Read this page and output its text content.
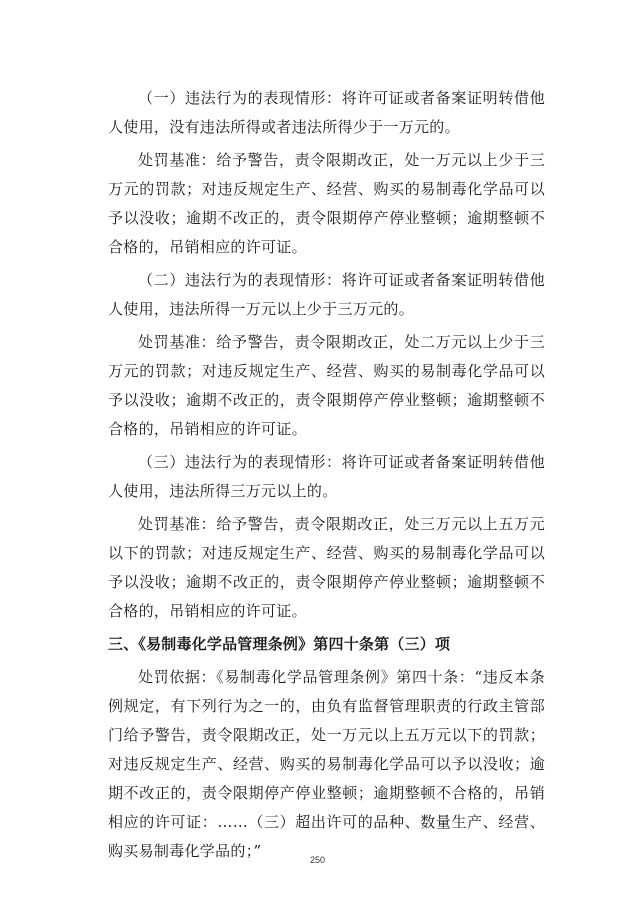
（一）违法行为的表现情形：将许可证或者备案证明转借他人使用，没有违法所得或者违法所得少于一万元的。

处罚基准：给予警告，责令限期改正，处一万元以上少于三万元的罚款；对违反规定生产、经营、购买的易制毒化学品可以予以没收；逾期不改正的，责令限期停产停业整顿；逾期整顿不合格的，吊销相应的许可证。

（二）违法行为的表现情形：将许可证或者备案证明转借他人使用，违法所得一万元以上少于三万元的。

处罚基准：给予警告，责令限期改正，处二万元以上少于三万元的罚款；对违反规定生产、经营、购买的易制毒化学品可以予以没收；逾期不改正的，责令限期停产停业整顿；逾期整顿不合格的，吊销相应的许可证。

（三）违法行为的表现情形：将许可证或者备案证明转借他人使用，违法所得三万元以上的。

处罚基准：给予警告，责令限期改正，处三万元以上五万元以下的罚款；对违反规定生产、经营、购买的易制毒化学品可以予以没收；逾期不改正的，责令限期停产停业整顿；逾期整顿不合格的，吊销相应的许可证。

三、《易制毒化学品管理条例》第四十条第（三）项

处罚依据：《易制毒化学品管理条例》第四十条：“违反本条例规定，有下列行为之一的，由负有监督管理职责的行政主管部门给予警告，责令限期改正，处一万元以上五万元以下的罚款；对违反规定生产、经营、购买的易制毒化学品可以予以没收；逾期不改正的，责令限期停产停业整顿；逾期整顿不合格的，吊销相应的许可证：……（三）超出许可的品种、数量生产、经营、购买易制毒化学品的；”	250
